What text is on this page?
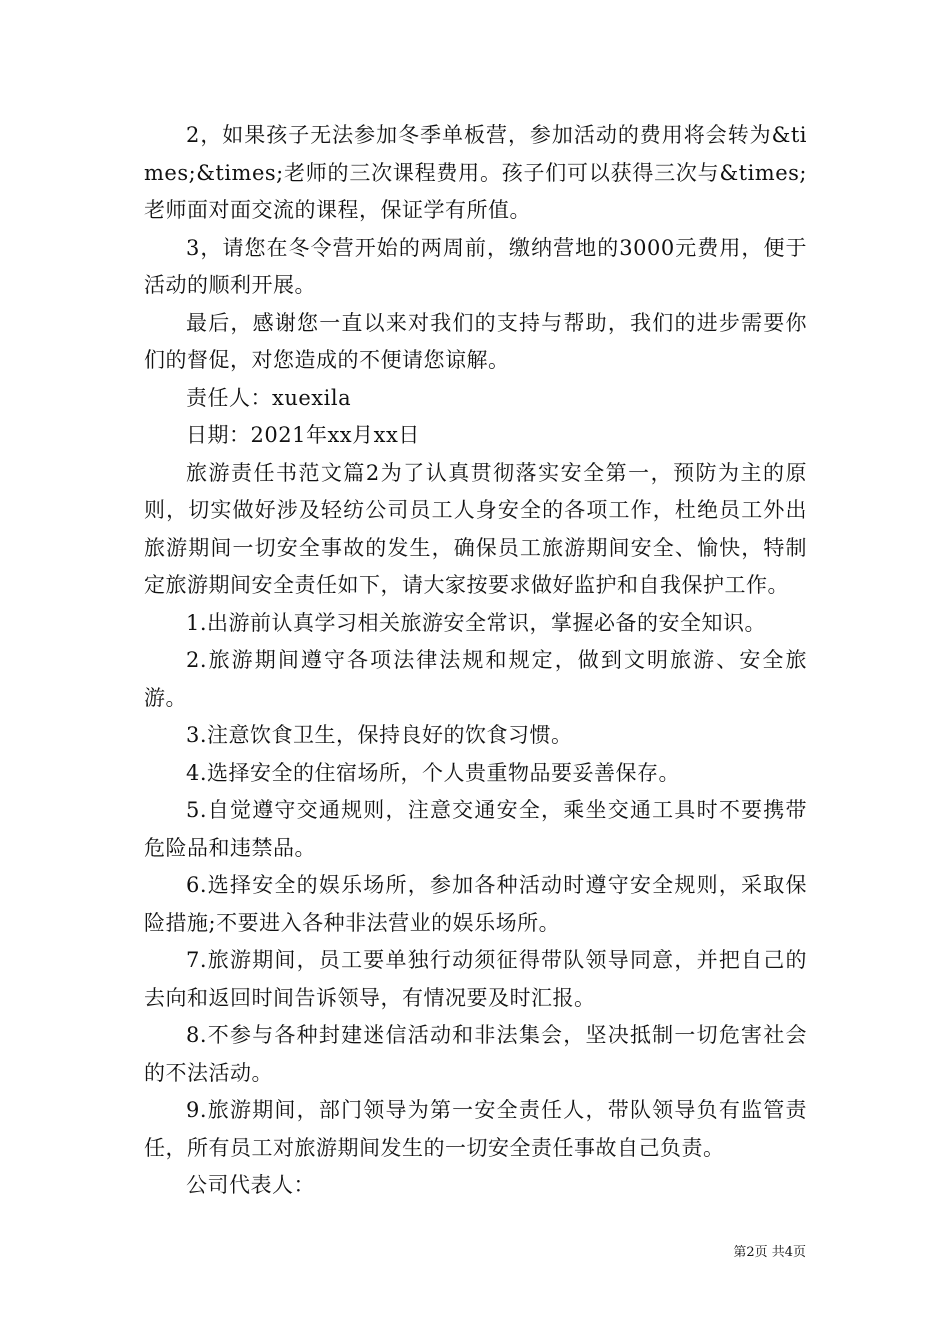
2，如果孩子无法参加冬季单板营，参加活动的费用将会转为&times;&times;老师的三次课程费用。孩子们可以获得三次与&times;老师面对面交流的课程，保证学有所值。

3，请您在冬令营开始的两周前，缴纳营地的3000元费用，便于活动的顺利开展。

最后，感谢您一直以来对我们的支持与帮助，我们的进步需要你们的督促，对您造成的不便请您谅解。

责任人：xuexila

日期：2021年xx月xx日

旅游责任书范文篇2为了认真贯彻落实安全第一，预防为主的原则，切实做好涉及轻纺公司员工人身安全的各项工作，杜绝员工外出旅游期间一切安全事故的发生，确保员工旅游期间安全、愉快，特制定旅游期间安全责任如下，请大家按要求做好监护和自我保护工作。

1.出游前认真学习相关旅游安全常识，掌握必备的安全知识。

2.旅游期间遵守各项法律法规和规定，做到文明旅游、安全旅游。

3.注意饮食卫生，保持良好的饮食习惯。

4.选择安全的住宿场所，个人贵重物品要妥善保存。

5.自觉遵守交通规则，注意交通安全，乘坐交通工具时不要携带危险品和违禁品。

6.选择安全的娱乐场所，参加各种活动时遵守安全规则，采取保险措施;不要进入各种非法营业的娱乐场所。

7.旅游期间，员工要单独行动须征得带队领导同意，并把自己的去向和返回时间告诉领导，有情况要及时汇报。

8.不参与各种封建迷信活动和非法集会，坚决抵制一切危害社会的不法活动。

9.旅游期间，部门领导为第一安全责任人，带队领导负有监管责任，所有员工对旅游期间发生的一切安全责任事故自己负责。

公司代表人：

第2页 共4页
